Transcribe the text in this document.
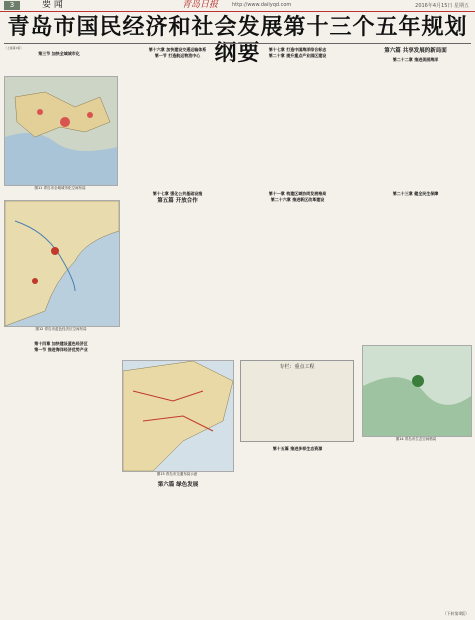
3	要 闻	青岛日报	http://www.dailyqd.com	2016年4月15日 星期五
青岛市国民经济和社会发展第十三个五年规划纲要

（上接第1版）

第三节 加快全域城市化
图11 青岛市全域城市化空间布局
第十六章 加快建设交通运输体系
第一节 打造航运物流中心
第十七章 打造中国海洋综合标志
第二十章 提升重点产业园区建设
第六篇 共享发展的新局面
第二十二章 推进美丽海洋
图12 青岛市蓝色经济区空间布局
第十七章 强化公共基础设施
第五篇 开放合作
第十一章 构建区域协同发展格局
第二十六章 推进新区改革建设
第二十三章 健全民生保障
第十四章 加快建设蓝色经济区
第一节 推进海洋经济优势产业
图13 青岛市交通布局示意
专栏：重点工程
第十五篇 推进多样生态资源
第六篇 绿色发展
图14 青岛市生态空间格局
（下转第4版）
